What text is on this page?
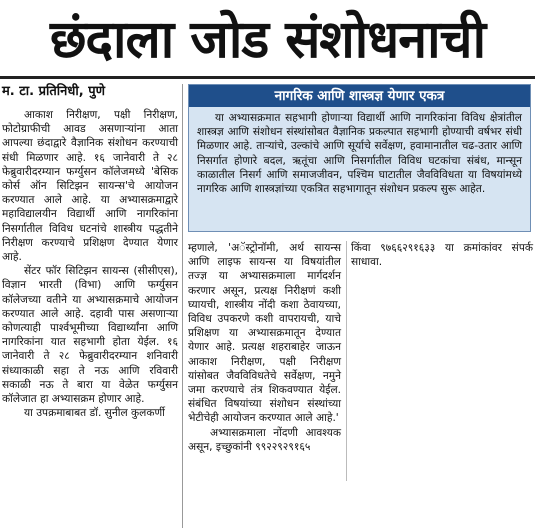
छंदाला जोड संशोधनाची
म. टा. प्रतिनिधी, पुणे

आकाश निरीक्षण, पक्षी निरीक्षण, फोटोग्राफीची आवड असणाऱ्यांना आता आपल्या छंदाद्वारे वैज्ञानिक संशोधन करण्याची संधी मिळणार आहे. १६ जानेवारी ते २८ फेब्रुवारीदरम्यान फर्ग्युसन कॉलेजमध्ये 'बेसिक कोर्स ऑन सिटिझन सायन्स'चे आयोजन करण्यात आले आहे. या अभ्यासक्रमाद्वारे महाविद्यालयीन विद्यार्थी आणि नागरिकांना निसर्गातील विविध घटनांचे शास्त्रीय पद्धतीने निरीक्षण करण्याचे प्रशिक्षण देण्यात येणार आहे.

सेंटर फॉर सिटिझन सायन्स (सीसीएस), विज्ञान भारती (विभा) आणि फर्ग्युसन कॉलेजच्या वतीने या अभ्यासक्रमाचे आयोजन करण्यात आले आहे. दहावी पास असणाऱ्या कोणत्याही पार्श्वभूमीच्या विद्यार्थ्यांना आणि नागरिकांना यात सहभागी होता येईल. १६ जानेवारी ते २८ फेब्रुवारीदरम्यान शनिवारी संध्याकाळी सहा ते नऊ आणि रविवारी सकाळी नऊ ते बारा या वेळेत फर्ग्युसन कॉलेजात हा अभ्यासक्रम होणार आहे.

या उपक्रमाबाबत डॉ. सुनील कुलकर्णी

नागरिक आणि शास्त्रज्ञ येणार एकत्र

या अभ्यासक्रमात सहभागी होणाऱ्या विद्यार्थी आणि नागरिकांना विविध क्षेत्रांतील शास्त्रज्ञ आणि संशोधन संस्थांसोबत वैज्ञानिक प्रकल्पात सहभागी होण्याची वर्षभर संधी मिळणार आहे. ताऱ्यांचे, उल्कांचे आणि सूर्याचे सर्वेक्षण, हवामानातील चढ-उतार आणि निसर्गात होणारे बदल, ऋतूंचा आणि निसर्गातील विविध घटकांचा संबंध, मान्सून काळातील निसर्ग आणि समाजजीवन, पश्चिम घाटातील जैवविविधता या विषयांमध्ये नागरिक आणि शास्त्रज्ञांच्या एकत्रित सहभागातून संशोधन प्रकल्प सुरू आहेत.

म्हणाले, 'अॅस्ट्रोनॉमी, अर्थ सायन्स आणि लाइफ सायन्स या विषयांतील तज्ज्ञ या अभ्यासक्रमाला मार्गदर्शन करणार असून, प्रत्यक्ष निरीक्षणं कशी घ्यायची, शास्त्रीय नोंदी कशा ठेवायच्या, विविध उपकरणे कशी वापरायची, याचे प्रशिक्षण या अभ्यासक्रमातून देण्यात येणार आहे. प्रत्यक्ष शहराबाहेर जाऊन आकाश निरीक्षण, पक्षी निरीक्षण यांसोबत जैवविविधतेचे सर्वेक्षण, नमुने जमा करण्याचे तंत्र शिकवण्यात येईल. संबंधित विषयांच्या संशोधन संस्थांच्या भेटीचेही आयोजन करण्यात आले आहे.'

अभ्यासक्रमाला नोंदणी आवश्यक असून, इच्छुकांनी ९९२२९२९१६५

किंवा ९७६६२९१६३३ या क्रमांकांवर संपर्क साधावा.
